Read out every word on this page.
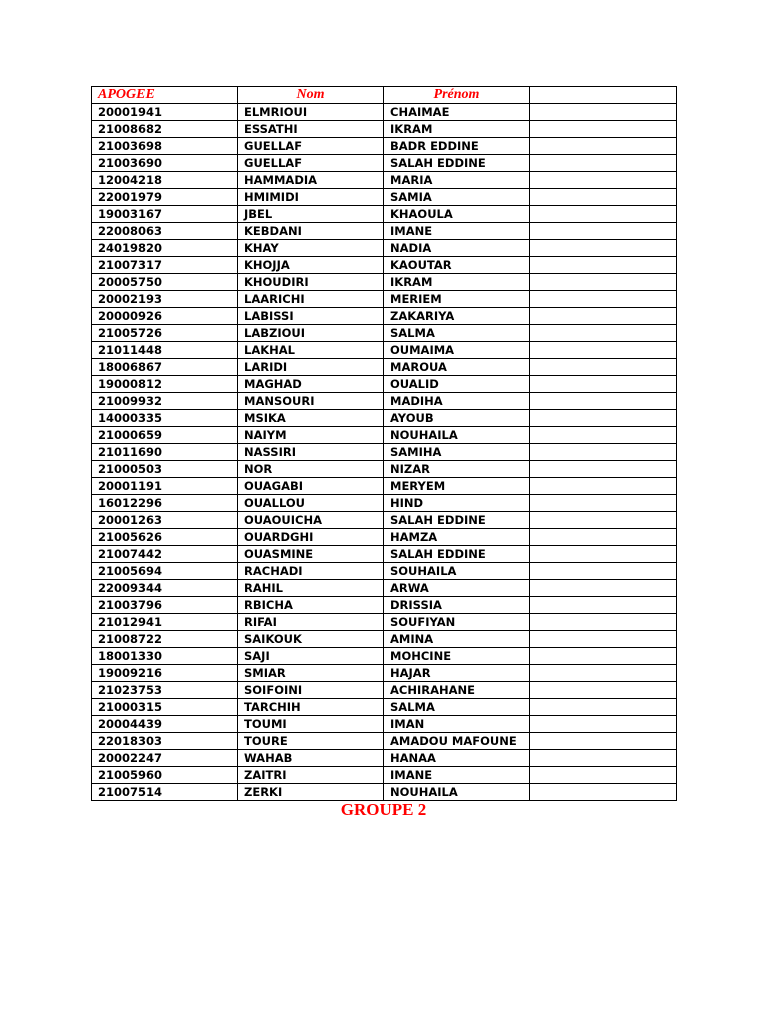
APOGEE	Nom	Prénom	
20001941	ELMRIOUI	CHAIMAE	
21008682	ESSATHI	IKRAM	
21003698	GUELLAF	BADR EDDINE	
21003690	GUELLAF	SALAH EDDINE	
12004218	HAMMADIA	MARIA	
22001979	HMIMIDI	SAMIA	
19003167	JBEL	KHAOULA	
22008063	KEBDANI	IMANE	
24019820	KHAY	NADIA	
21007317	KHOJJA	KAOUTAR	
20005750	KHOUDIRI	IKRAM	
20002193	LAARICHI	MERIEM	
20000926	LABISSI	ZAKARIYA	
21005726	LABZIOUI	SALMA	
21011448	LAKHAL	OUMAIMA	
18006867	LARIDI	MAROUA	
19000812	MAGHAD	OUALID	
21009932	MANSOURI	MADIHA	
14000335	MSIKA	AYOUB	
21000659	NAIYM	NOUHAILA	
21011690	NASSIRI	SAMIHA	
21000503	NOR	NIZAR	
20001191	OUAGABI	MERYEM	
16012296	OUALLOU	HIND	
20001263	OUAOUICHA	SALAH EDDINE	
21005626	OUARDGHI	HAMZA	
21007442	OUASMINE	SALAH EDDINE	
21005694	RACHADI	SOUHAILA	
22009344	RAHIL	ARWA	
21003796	RBICHA	DRISSIA	
21012941	RIFAI	SOUFIYAN	
21008722	SAIKOUK	AMINA	
18001330	SAJI	MOHCINE	
19009216	SMIAR	HAJAR	
21023753	SOIFOINI	ACHIRAHANE	
21000315	TARCHIH	SALMA	
20004439	TOUMI	IMAN	
22018303	TOURE	AMADOU MAFOUNE	
20002247	WAHAB	HANAA	
21005960	ZAITRI	IMANE	
21007514	ZERKI	NOUHAILA	
GROUPE 2
